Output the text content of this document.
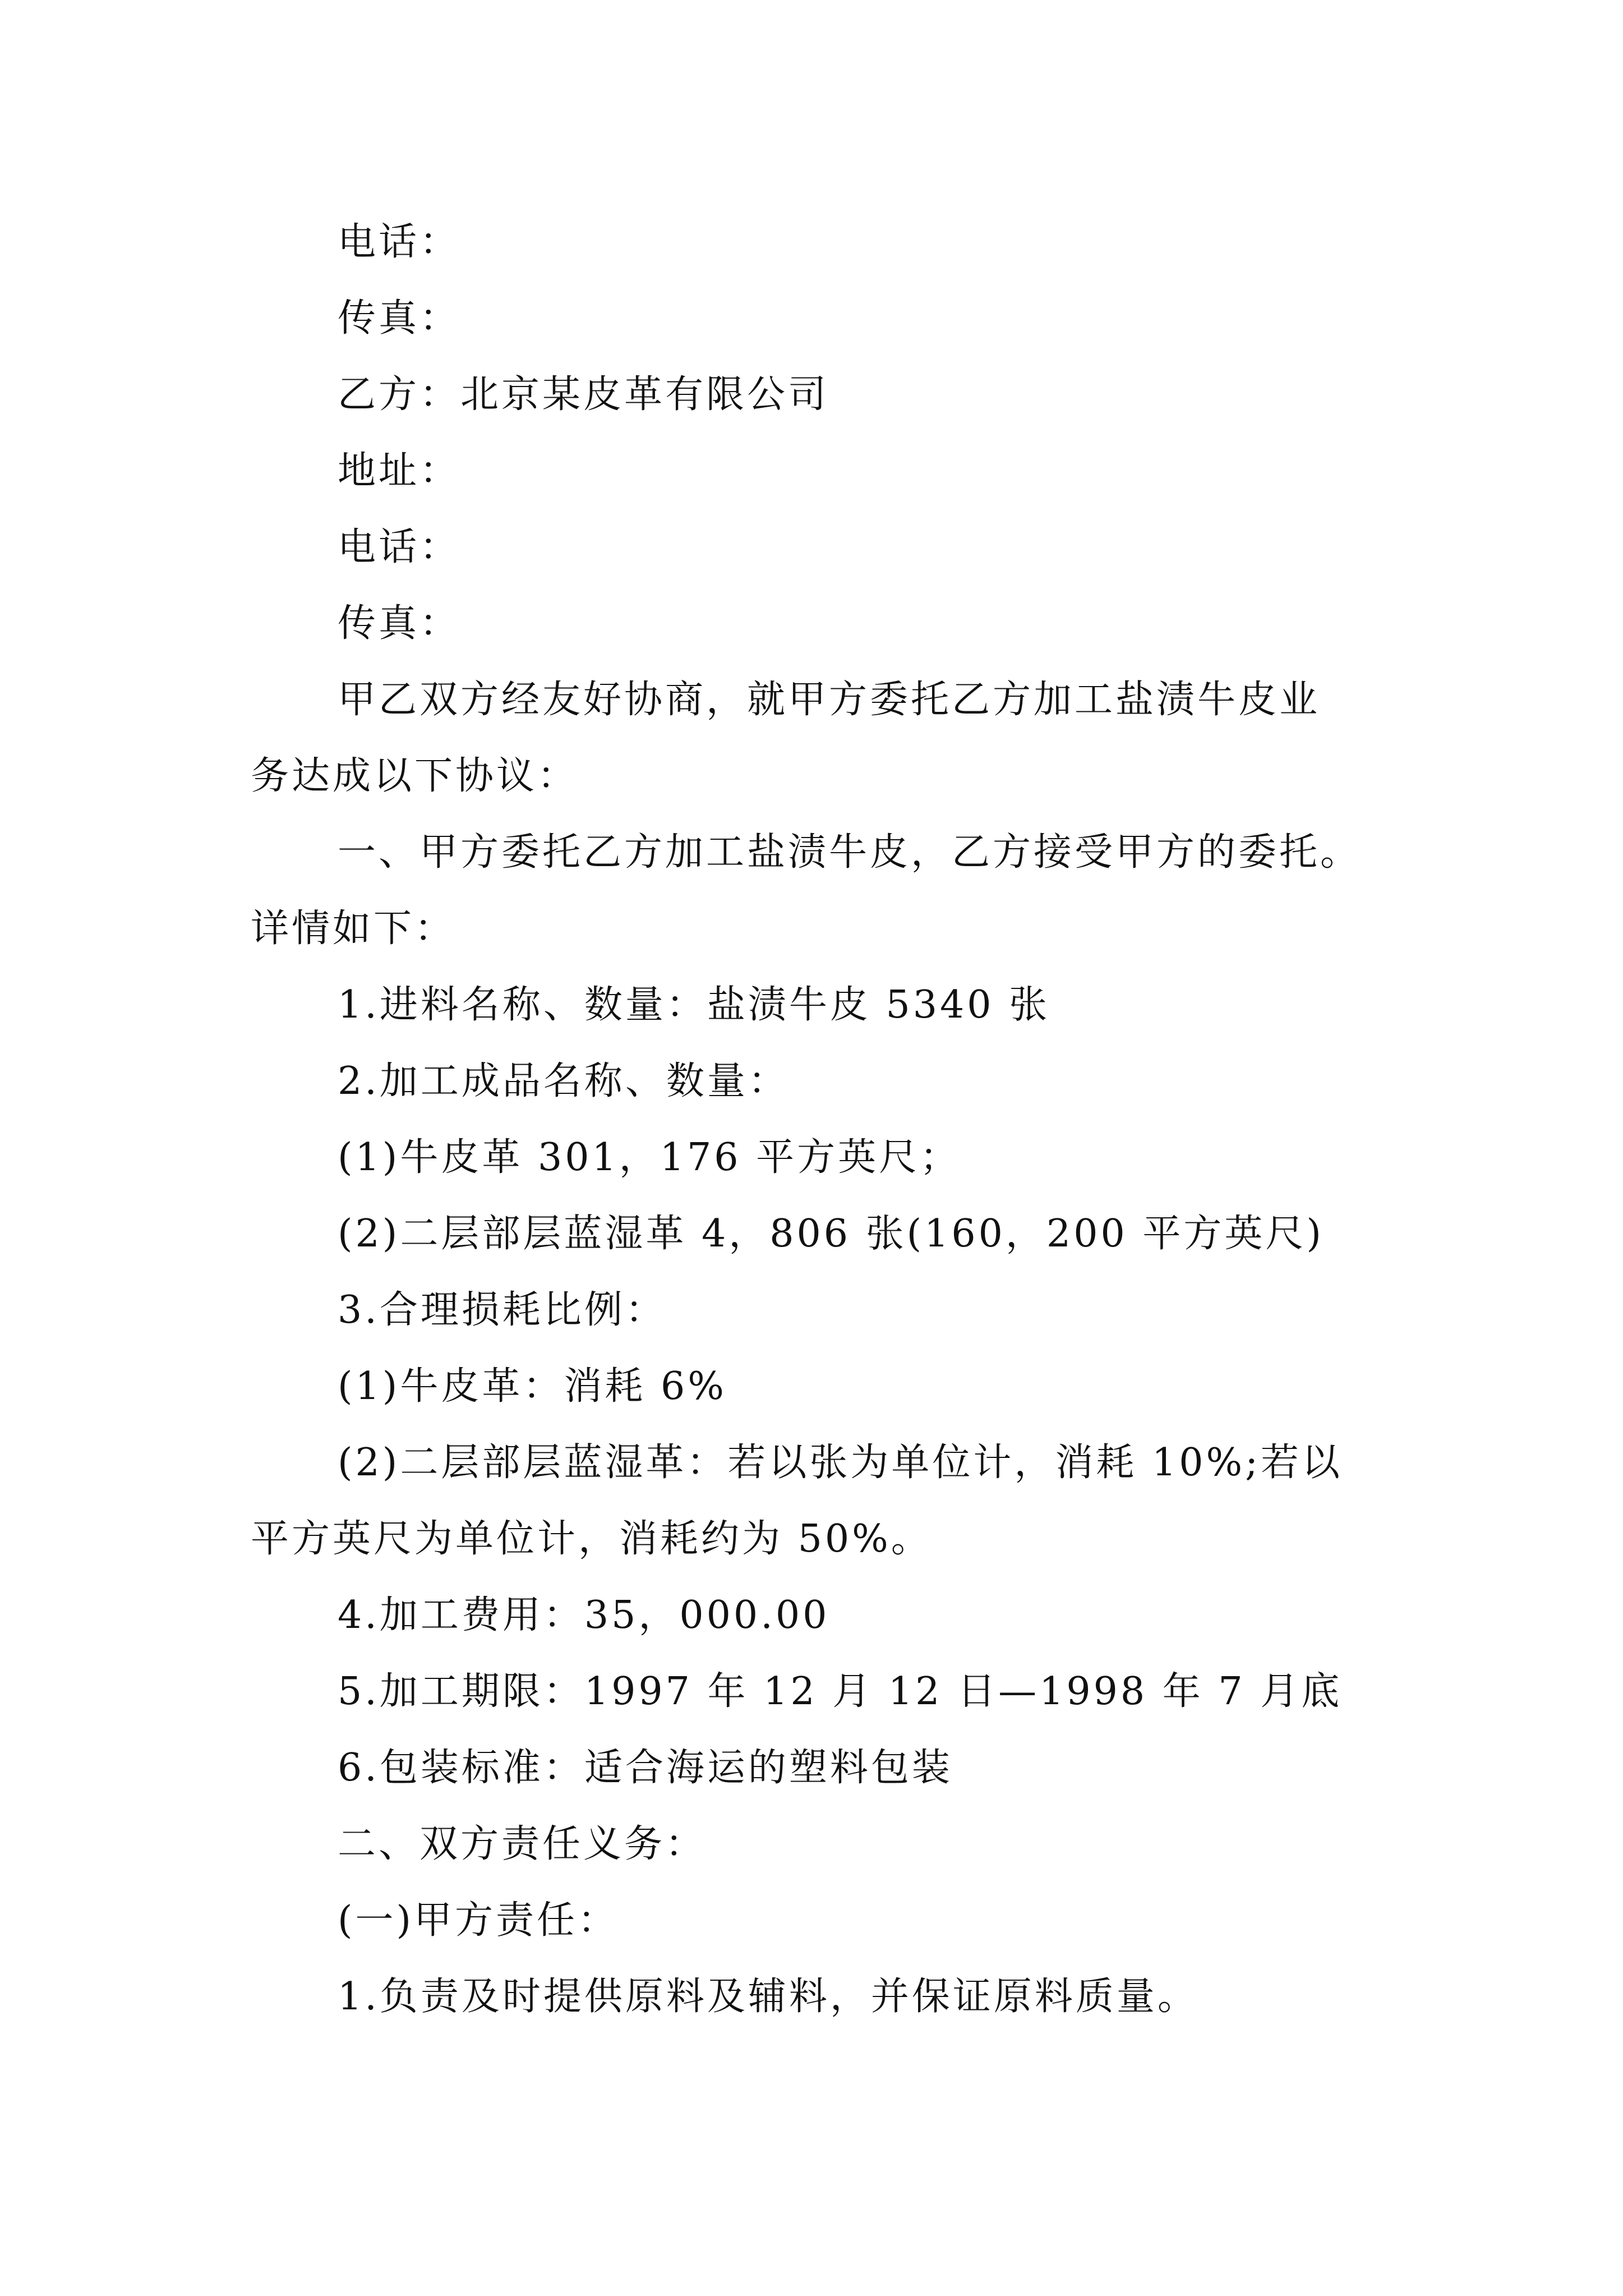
电话：
传真：
乙方：北京某皮革有限公司
地址：
电话：
传真：
甲乙双方经友好协商，就甲方委托乙方加工盐渍牛皮业
务达成以下协议：
一、甲方委托乙方加工盐渍牛皮，乙方接受甲方的委托。
详情如下：
1.进料名称、数量：盐渍牛皮 5340 张
2.加工成品名称、数量：
(1)牛皮革 301，176 平方英尺；
(2)二层部层蓝湿革 4，806 张(160，200 平方英尺)
3.合理损耗比例：
(1)牛皮革：消耗 6%
(2)二层部层蓝湿革：若以张为单位计，消耗 10%;若以
平方英尺为单位计，消耗约为 50%。
4.加工费用：35，000.00
5.加工期限：1997 年 12 月 12 日—1998 年 7 月底
6.包装标准：适合海运的塑料包装
二、双方责任义务：
(一)甲方责任：
1.负责及时提供原料及辅料，并保证原料质量。
